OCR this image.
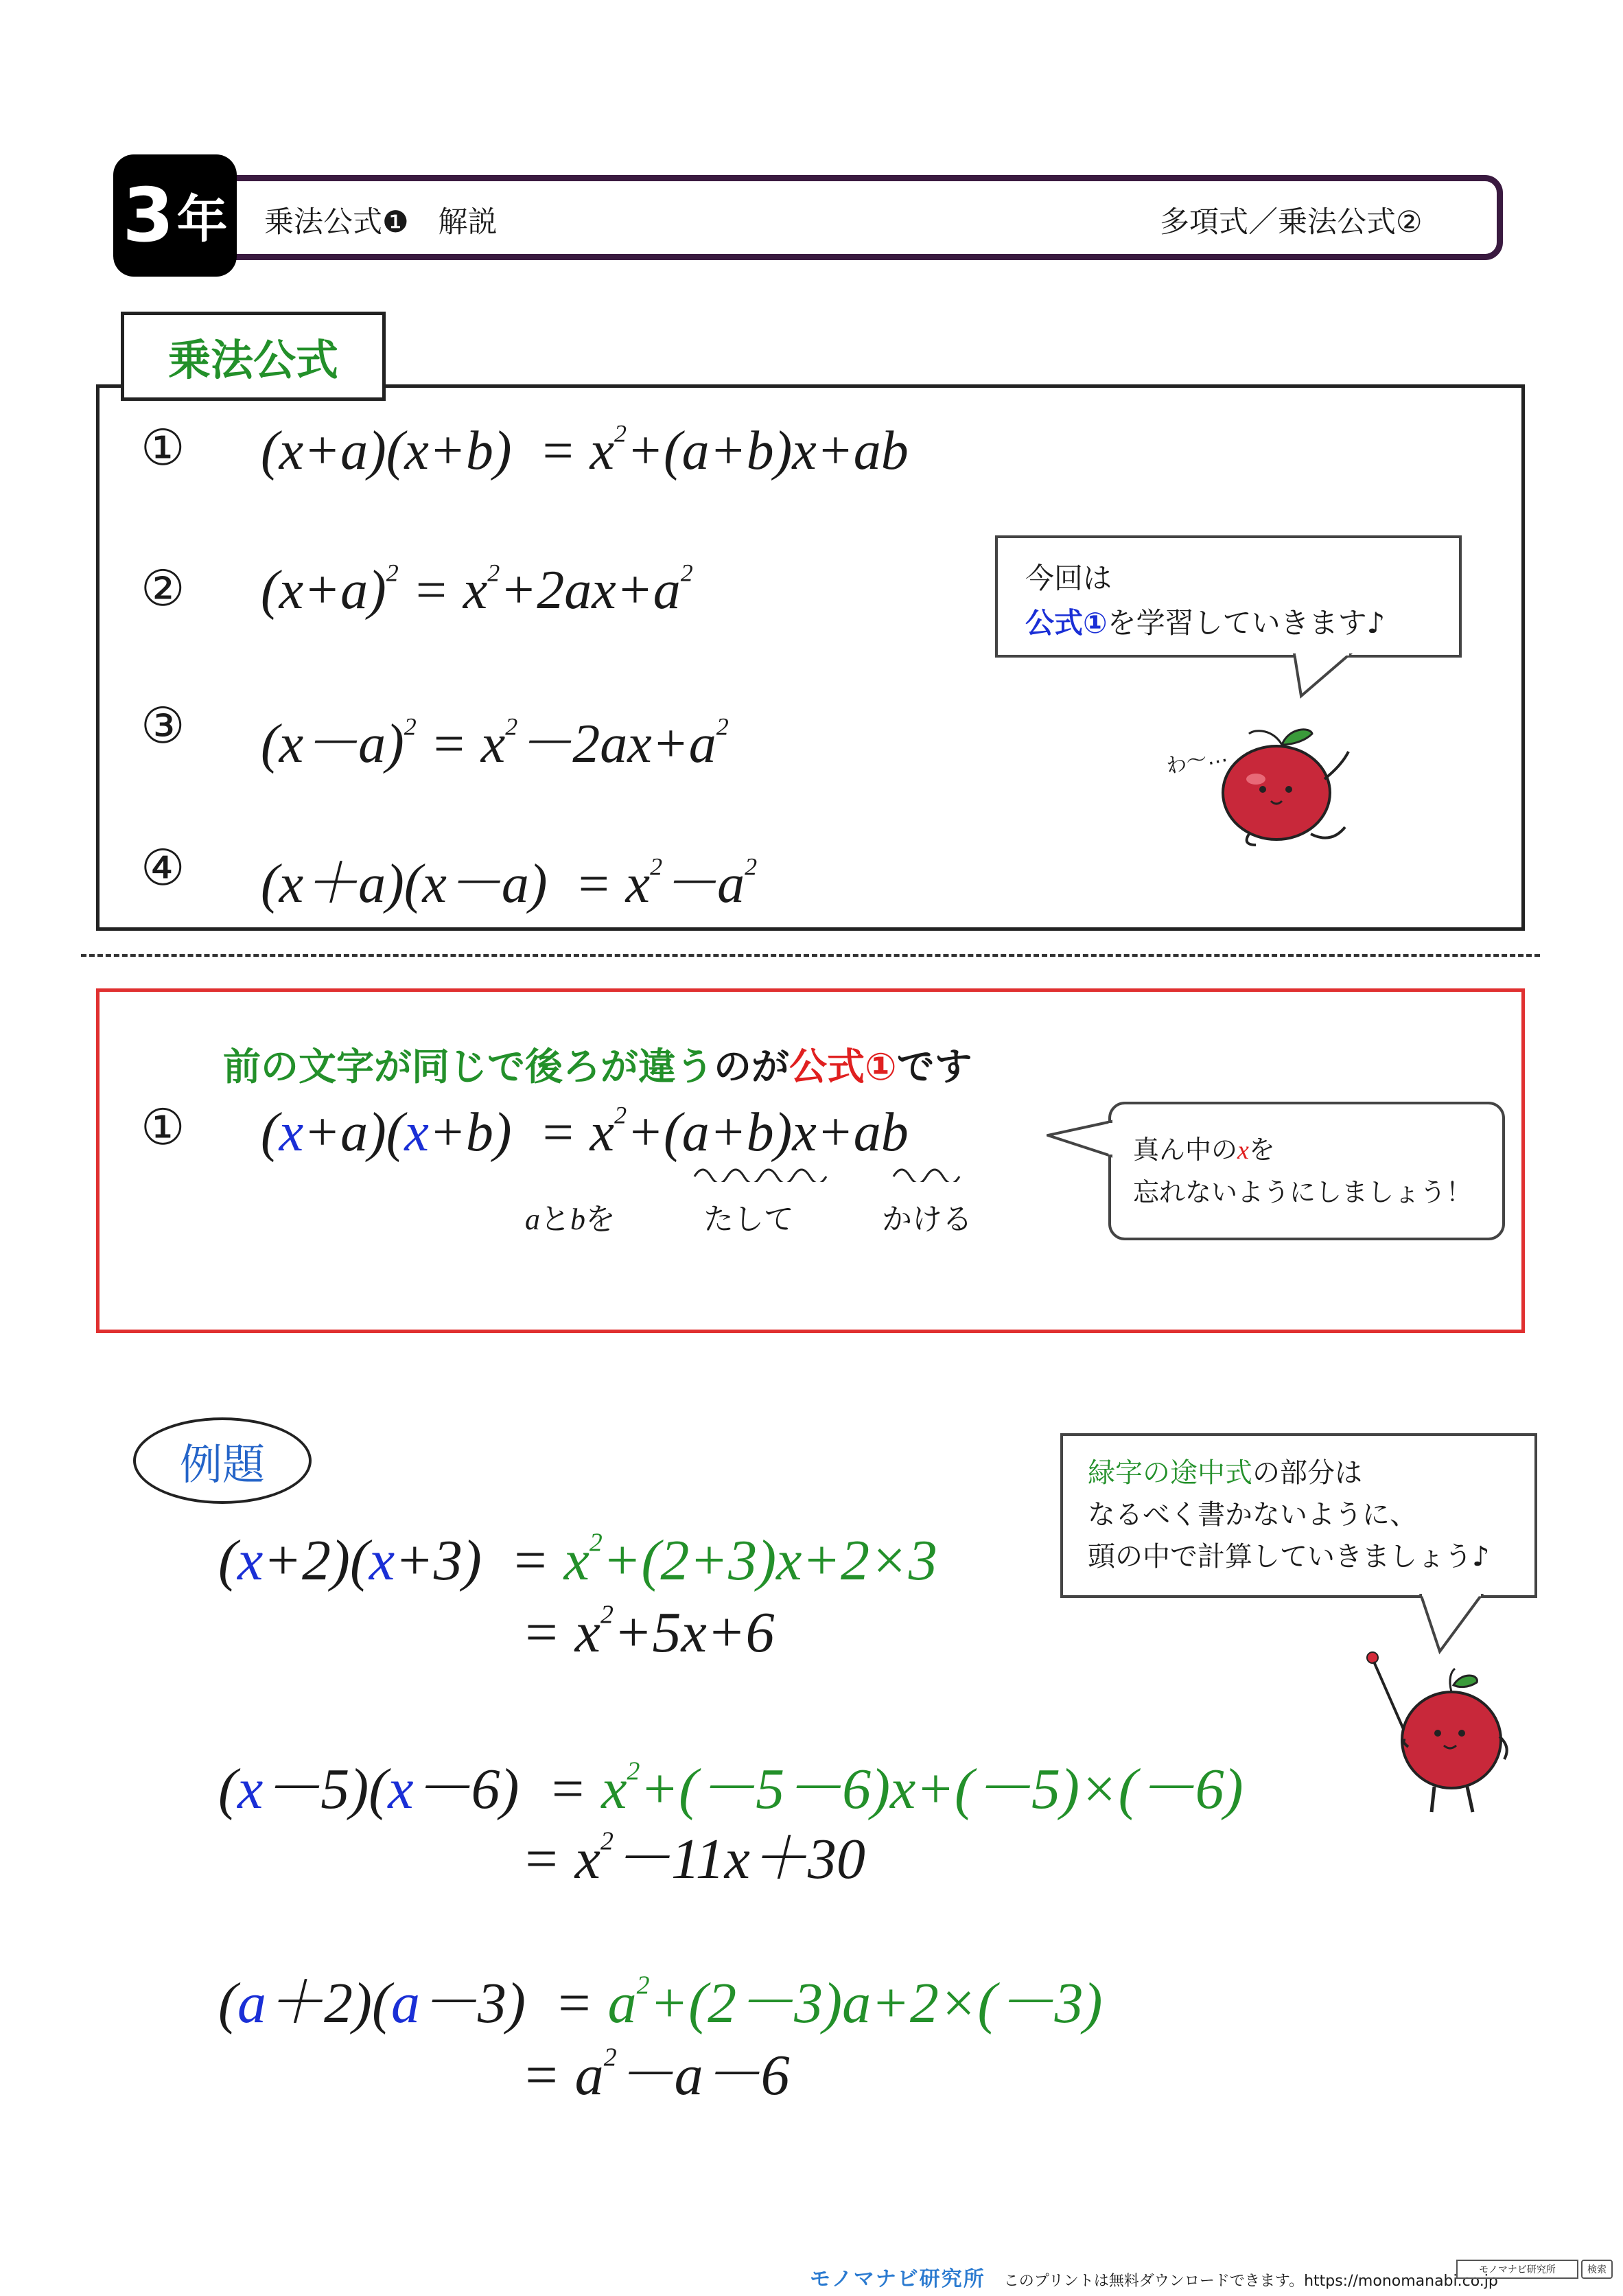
3 年 乗法公式❶　解説	多項式／乗法公式②
乗法公式
① $(x+a)(x+b) = x^2+(a+b)x+ab$
② $(x+a)^2 = x^2+2ax+a^2$
③ $(x-a)^2 = x^2-2ax+a^2$
④ $(x+a)(x-a) = x^2-a^2$
今回は
公式①を学習していきます♪
わ〜…
前の文字が同じで後ろが違うのが公式①です
① $(x+a)(x+b) = x^2+(a+b)x+ab$
aとbを	たして	かける
真ん中のxを
忘れないようにしましょう！
例題
$(x+2)(x+3) = x^2+(2+3)x+2\times 3$
= $x^2+5x+6$
$(x-5)(x-6) = x^2+(-5-6)x+(-5)\times(-6)$
= $x^2-11x+30$
$(a+2)(a-3) = a^2+(2-3)a+2\times(-3)$
= $a^2-a-6$
緑字の途中式の部分は
なるべく書かないように、
頭の中で計算していきましょう♪
モノマナビ研究所 このプリントは無料ダウンロードできます。https://monomanabi.co.jp
モノマナビ研究所	検索
